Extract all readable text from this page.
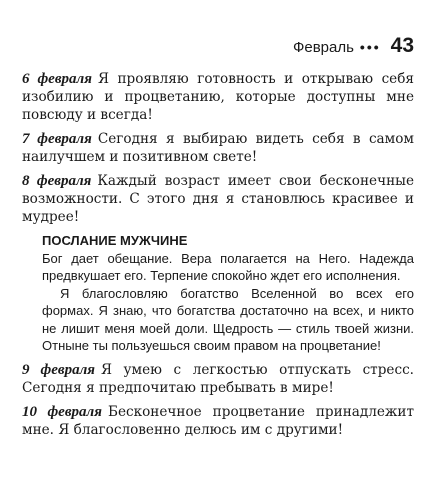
Февраль ••• 43

6 февраля Я проявляю готовность и открываю себя изобилию и процветанию, которые доступны мне повсюду и всегда!

7 февраля Сегодня я выбираю видеть себя в самом наилучшем и позитивном свете!

8 февраля Каждый возраст имеет свои бесконечные возможности. С этого дня я становлюсь красивее и мудрее!

ПОСЛАНИЕ МУЖЧИНЕ

Бог дает обещание. Вера полагается на Него. Надежда предвкушает его. Терпение спокойно ждет его исполнения.

Я благословляю богатство Вселенной во всех его формах. Я знаю, что богатства достаточно на всех, и никто не лишит меня моей доли. Щедрость — стиль твоей жизни. Отныне ты пользуешься своим правом на процветание!

9 февраля Я умею с легкостью отпускать стресс. Сегодня я предпочитаю пребывать в мире!

10 февраля Бесконечное процветание принадлежит мне. Я благословенно делюсь им с другими!
